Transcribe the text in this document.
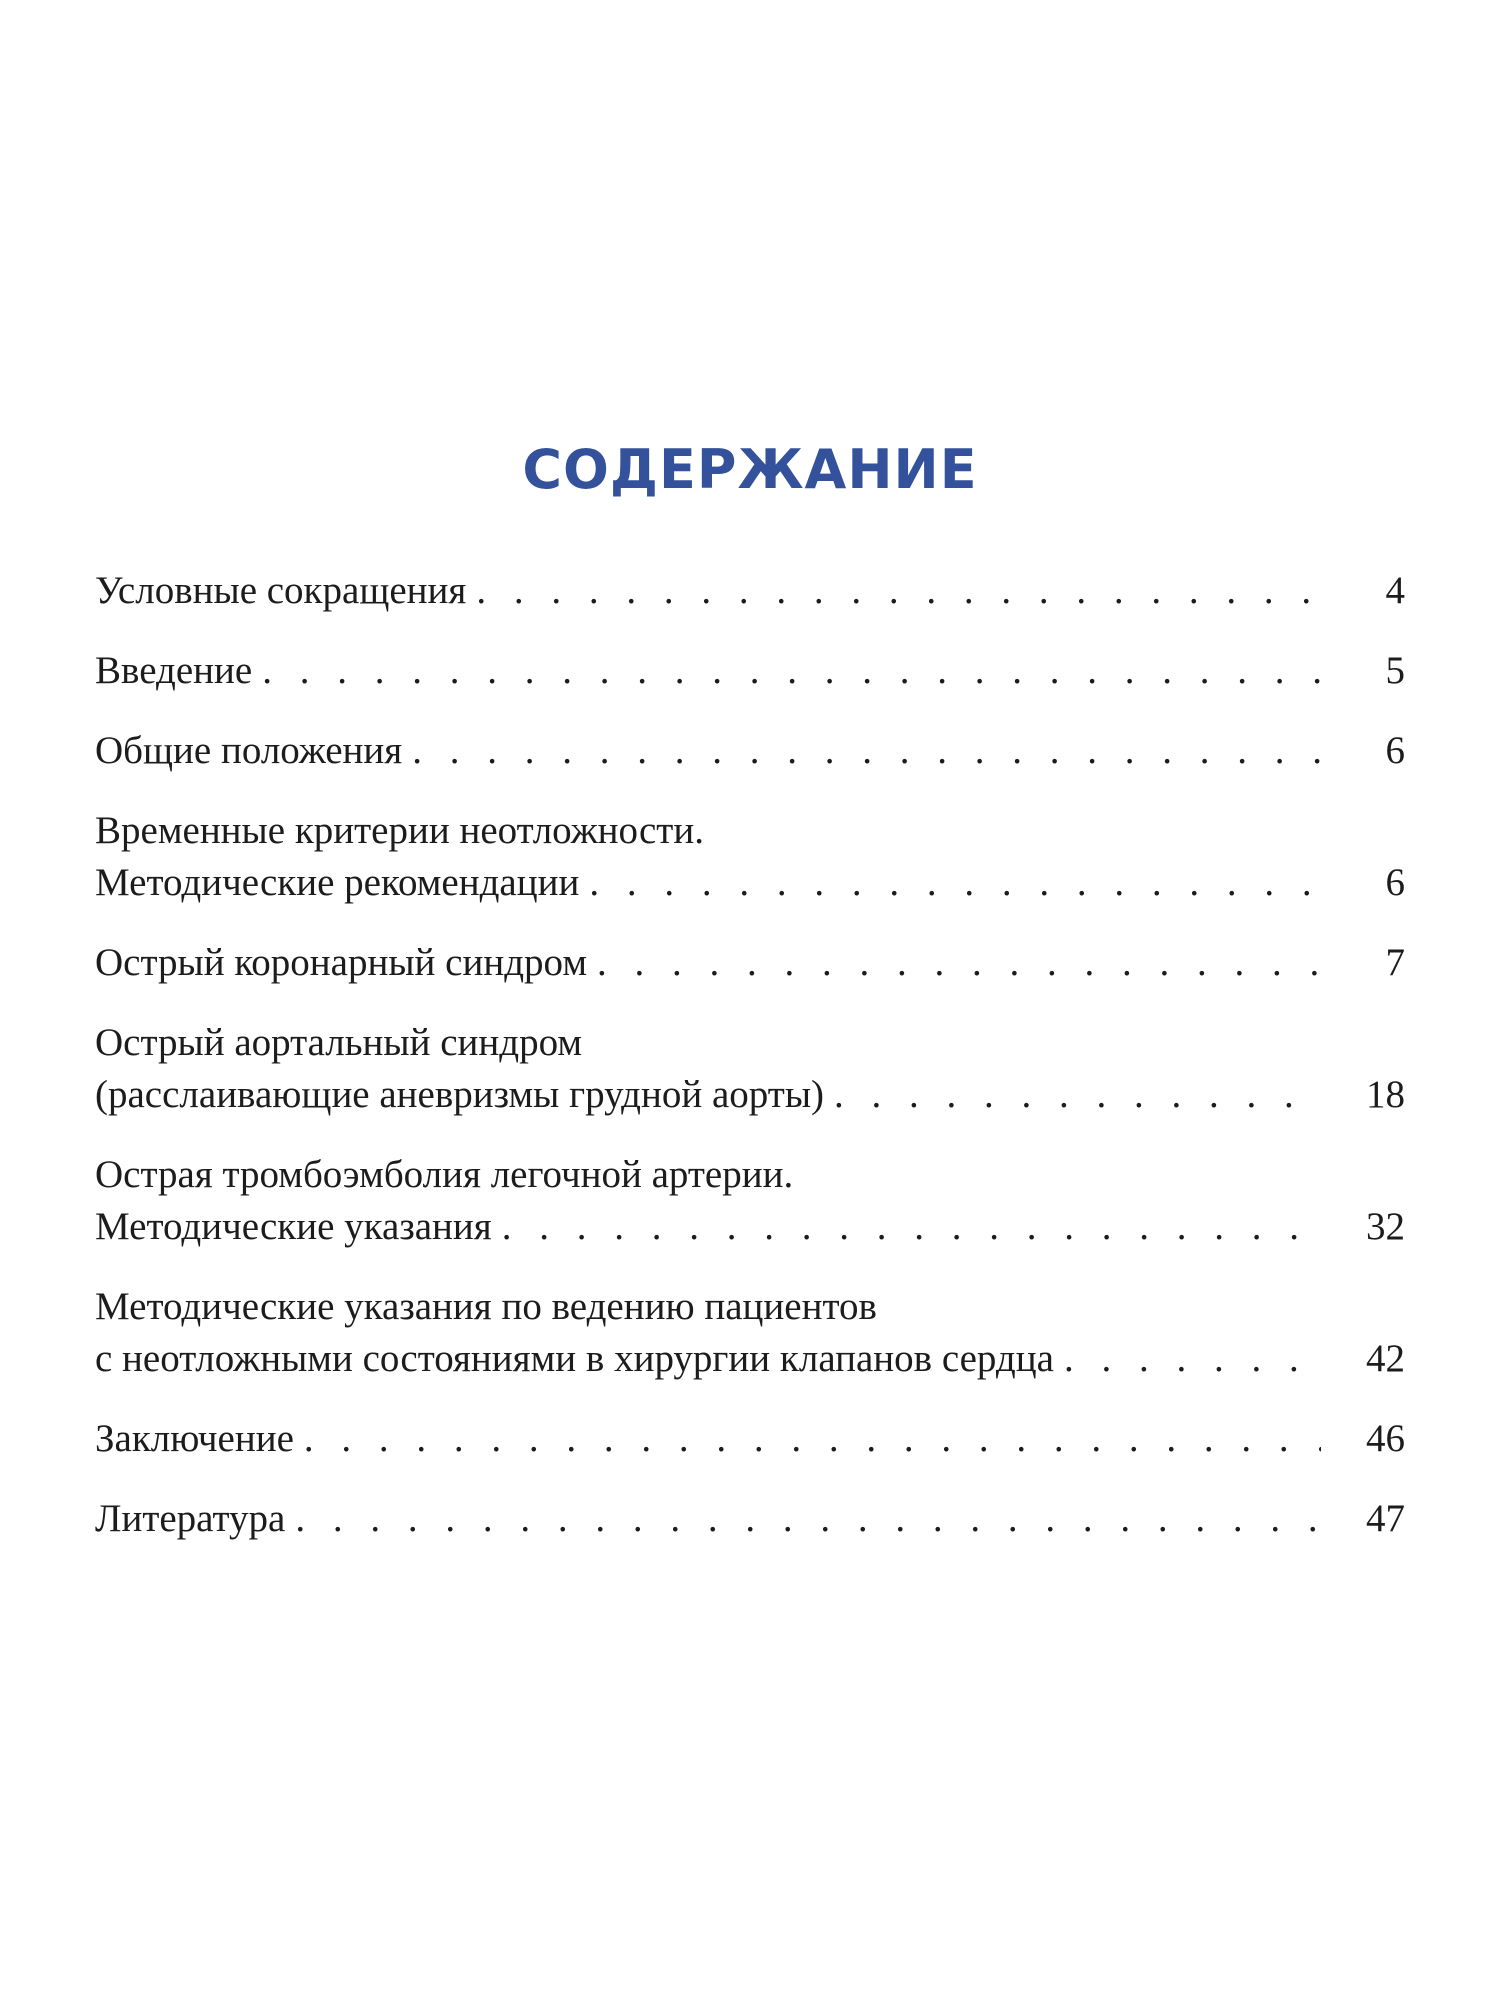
СОДЕРЖАНИЕ
Условные сокращения . . .	4
Введение . . .	5
Общие положения . . .	6
Временные критерии неотложности.
Методические рекомендации . . .	6
Острый коронарный синдром . . .	7
Острый аортальный синдром
(расслаивающие аневризмы грудной аорты) . . .	18
Острая тромбоэмболия легочной артерии.
Методические указания . . .	32
Методические указания по ведению пациентов
с неотложными состояниями в хирургии клапанов сердца . . .	42
Заключение . . .	46
Литература . . .	47
